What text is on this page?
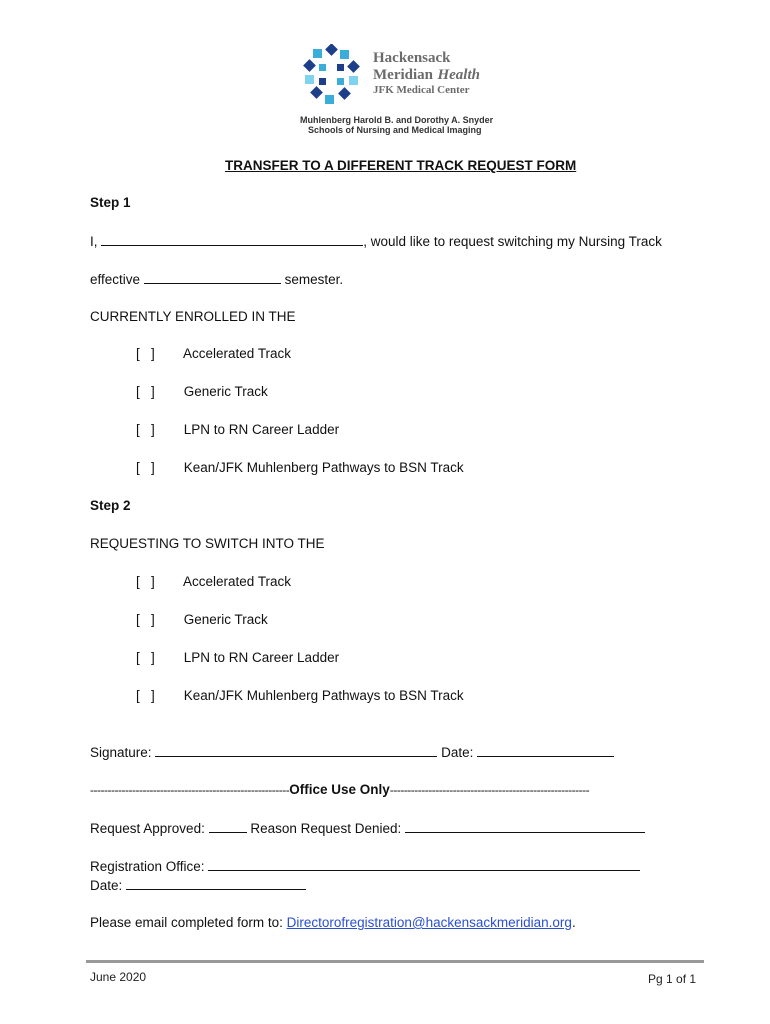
Hackensack
Meridian Health
JFK Medical Center
Muhlenberg Harold B. and Dorothy A. Snyder
Schools of Nursing and Medical Imaging
TRANSFER TO A DIFFERENT TRACK REQUEST FORM
Step 1
I,	, would like to request switching my Nursing Track
effective	semester.
CURRENTLY ENROLLED IN THE
[   ] Accelerated Track
[   ] Generic Track
[   ] LPN to RN Career Ladder
[   ] Kean/JFK Muhlenberg Pathways to BSN Track
Step 2
REQUESTING TO SWITCH INTO THE
[   ] Accelerated Track
[   ] Generic Track
[   ] LPN to RN Career Ladder
[   ] Kean/JFK Muhlenberg Pathways to BSN Track
Signature:	Date:
---------------------------------------------------------Office Use Only---------------------------------------------------------
Request Approved:	Reason Request Denied:
Registration Office:
Date:
Please email completed form to: Directorofregistration@hackensackmeridian.org.
June 2020	Pg 1 of 1
